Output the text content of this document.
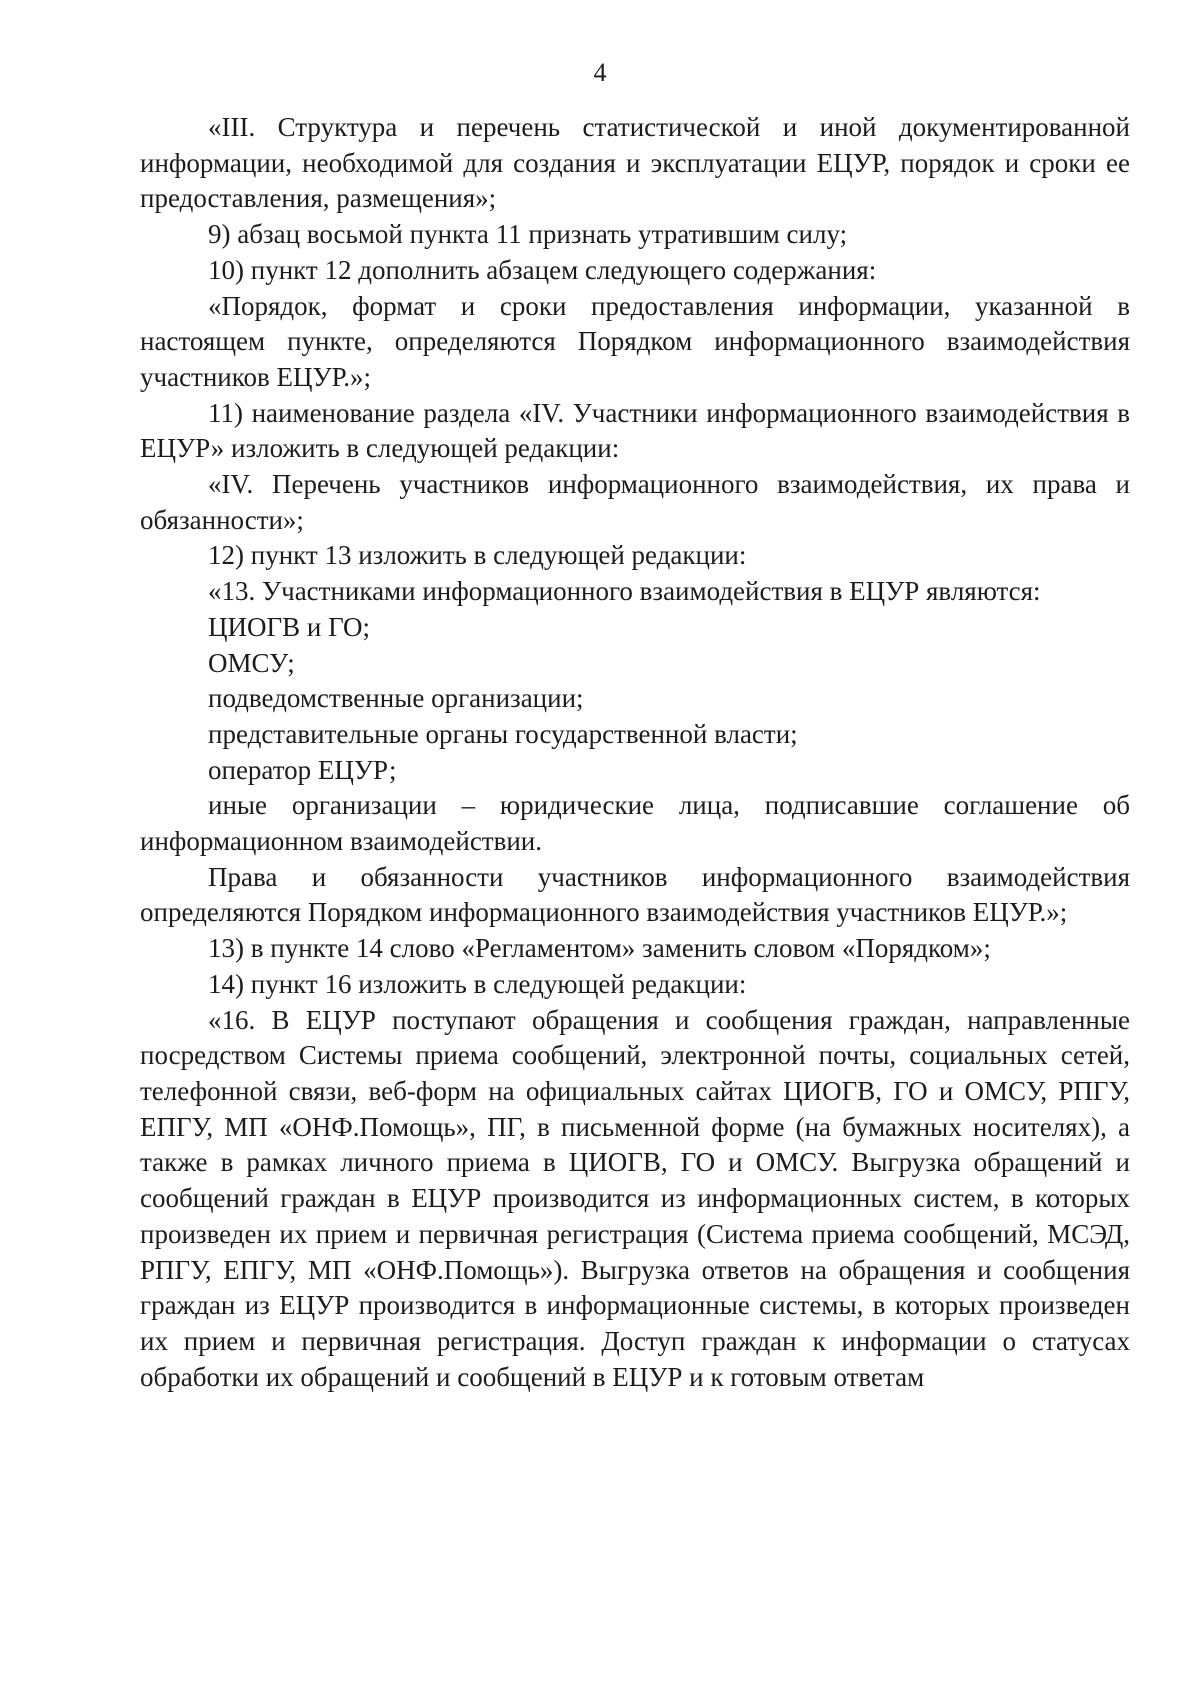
4

«III. Структура и перечень статистической и иной документированной информации, необходимой для создания и эксплуатации ЕЦУР, порядок и сроки ее предоставления, размещения»;

9) абзац восьмой пункта 11 признать утратившим силу;

10) пункт 12 дополнить абзацем следующего содержания:

«Порядок, формат и сроки предоставления информации, указанной в настоящем пункте, определяются Порядком информационного взаимодействия участников ЕЦУР.»;

11) наименование раздела «IV. Участники информационного взаимодействия в ЕЦУР» изложить в следующей редакции:

«IV. Перечень участников информационного взаимодействия, их права и обязанности»;

12) пункт 13 изложить в следующей редакции:

«13. Участниками информационного взаимодействия в ЕЦУР являются:

ЦИОГВ и ГО;

ОМСУ;

подведомственные организации;

представительные органы государственной власти;

оператор ЕЦУР;

иные организации – юридические лица, подписавшие соглашение об информационном взаимодействии.

Права и обязанности участников информационного взаимодействия определяются Порядком информационного взаимодействия участников ЕЦУР.»;

13) в пункте 14 слово «Регламентом» заменить словом «Порядком»;

14) пункт 16 изложить в следующей редакции:

«16. В ЕЦУР поступают обращения и сообщения граждан, направленные посредством Системы приема сообщений, электронной почты, социальных сетей, телефонной связи, веб-форм на официальных сайтах ЦИОГВ, ГО и ОМСУ, РПГУ, ЕПГУ, МП «ОНФ.Помощь», ПГ, в письменной форме (на бумажных носителях), а также в рамках личного приема в ЦИОГВ, ГО и ОМСУ. Выгрузка обращений и сообщений граждан в ЕЦУР производится из информационных систем, в которых произведен их прием и первичная регистрация (Система приема сообщений, МСЭД, РПГУ, ЕПГУ, МП «ОНФ.Помощь»). Выгрузка ответов на обращения и сообщения граждан из ЕЦУР производится в информационные системы, в которых произведен их прием и первичная регистрация. Доступ граждан к информации о статусах обработки их обращений и сообщений в ЕЦУР и к готовым ответам
